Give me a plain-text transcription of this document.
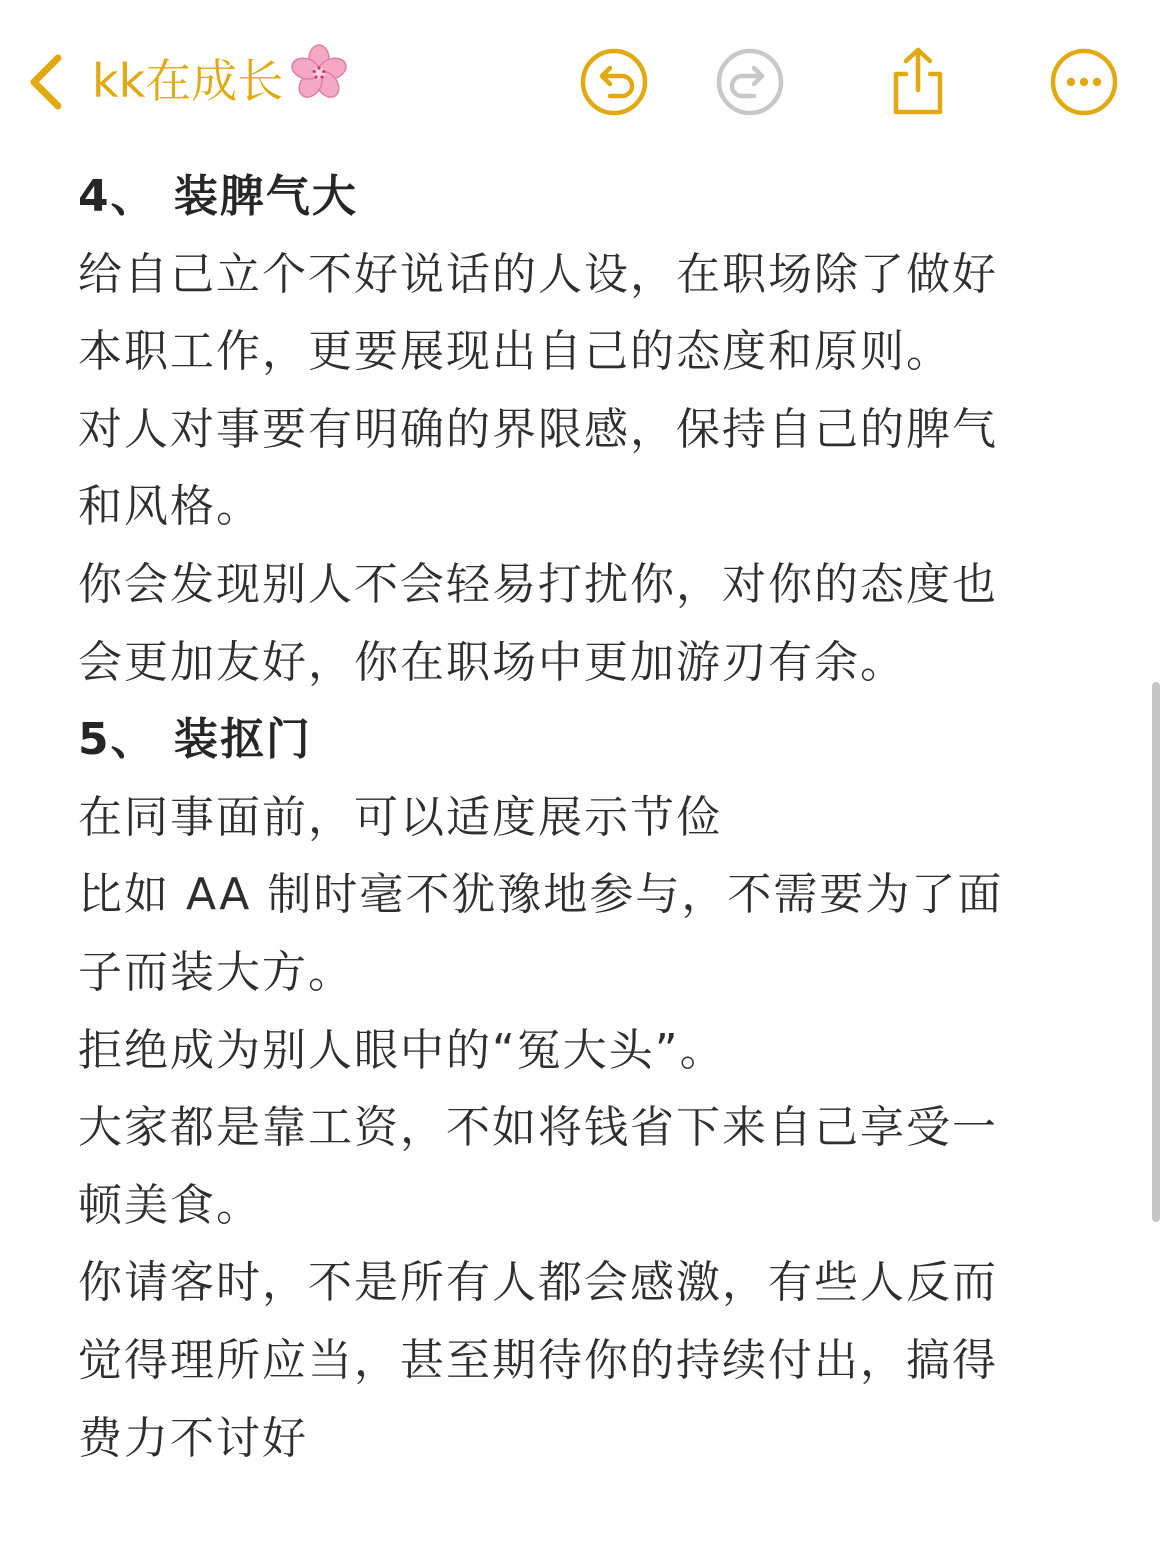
kk在成长
4、 装脾气大
给自己立个不好说话的人设，在职场除了做好
本职工作，更要展现出自己的态度和原则。
对人对事要有明确的界限感，保持自己的脾气
和风格。
你会发现别人不会轻易打扰你，对你的态度也
会更加友好，你在职场中更加游刃有余。
5、 装抠门
在同事面前，可以适度展示节俭
比如 AA 制时毫不犹豫地参与，不需要为了面
子而装大方。
拒绝成为别人眼中的“冤大头”。
大家都是靠工资，不如将钱省下来自己享受一
顿美食。
你请客时，不是所有人都会感激，有些人反而
觉得理所应当，甚至期待你的持续付出，搞得
费力不讨好
